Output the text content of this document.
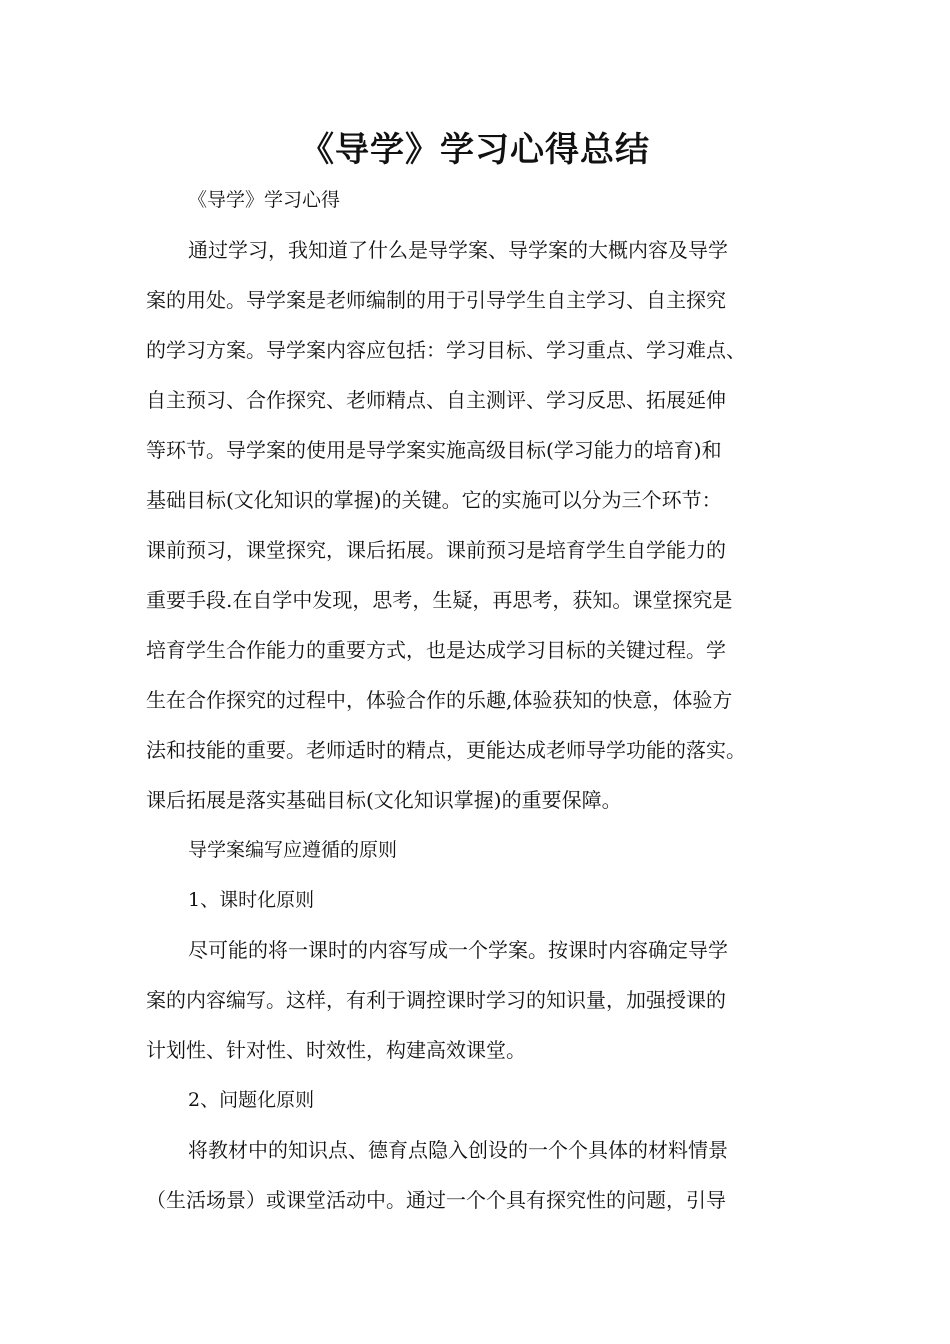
《导学》学习心得总结

《导学》学习心得

通过学习，我知道了什么是导学案、导学案的大概内容及导学

案的用处。导学案是老师编制的用于引导学生自主学习、自主探究

的学习方案。导学案内容应包括：学习目标、学习重点、学习难点、

自主预习、合作探究、老师精点、自主测评、学习反思、拓展延伸

等环节。导学案的使用是导学案实施高级目标(学习能力的培育)和

基础目标(文化知识的掌握)的关键。它的实施可以分为三个环节：

课前预习，课堂探究，课后拓展。课前预习是培育学生自学能力的

重要手段.在自学中发现，思考，生疑，再思考，获知。课堂探究是

培育学生合作能力的重要方式，也是达成学习目标的关键过程。学

生在合作探究的过程中，体验合作的乐趣,体验获知的快意，体验方

法和技能的重要。老师适时的精点，更能达成老师导学功能的落实。

课后拓展是落实基础目标(文化知识掌握)的重要保障。

导学案编写应遵循的原则

1、课时化原则

尽可能的将一课时的内容写成一个学案。按课时内容确定导学

案的内容编写。这样，有利于调控课时学习的知识量，加强授课的

计划性、针对性、时效性，构建高效课堂。

2、问题化原则

将教材中的知识点、德育点隐入创设的一个个具体的材料情景

（生活场景）或课堂活动中。通过一个个具有探究性的问题，引导
